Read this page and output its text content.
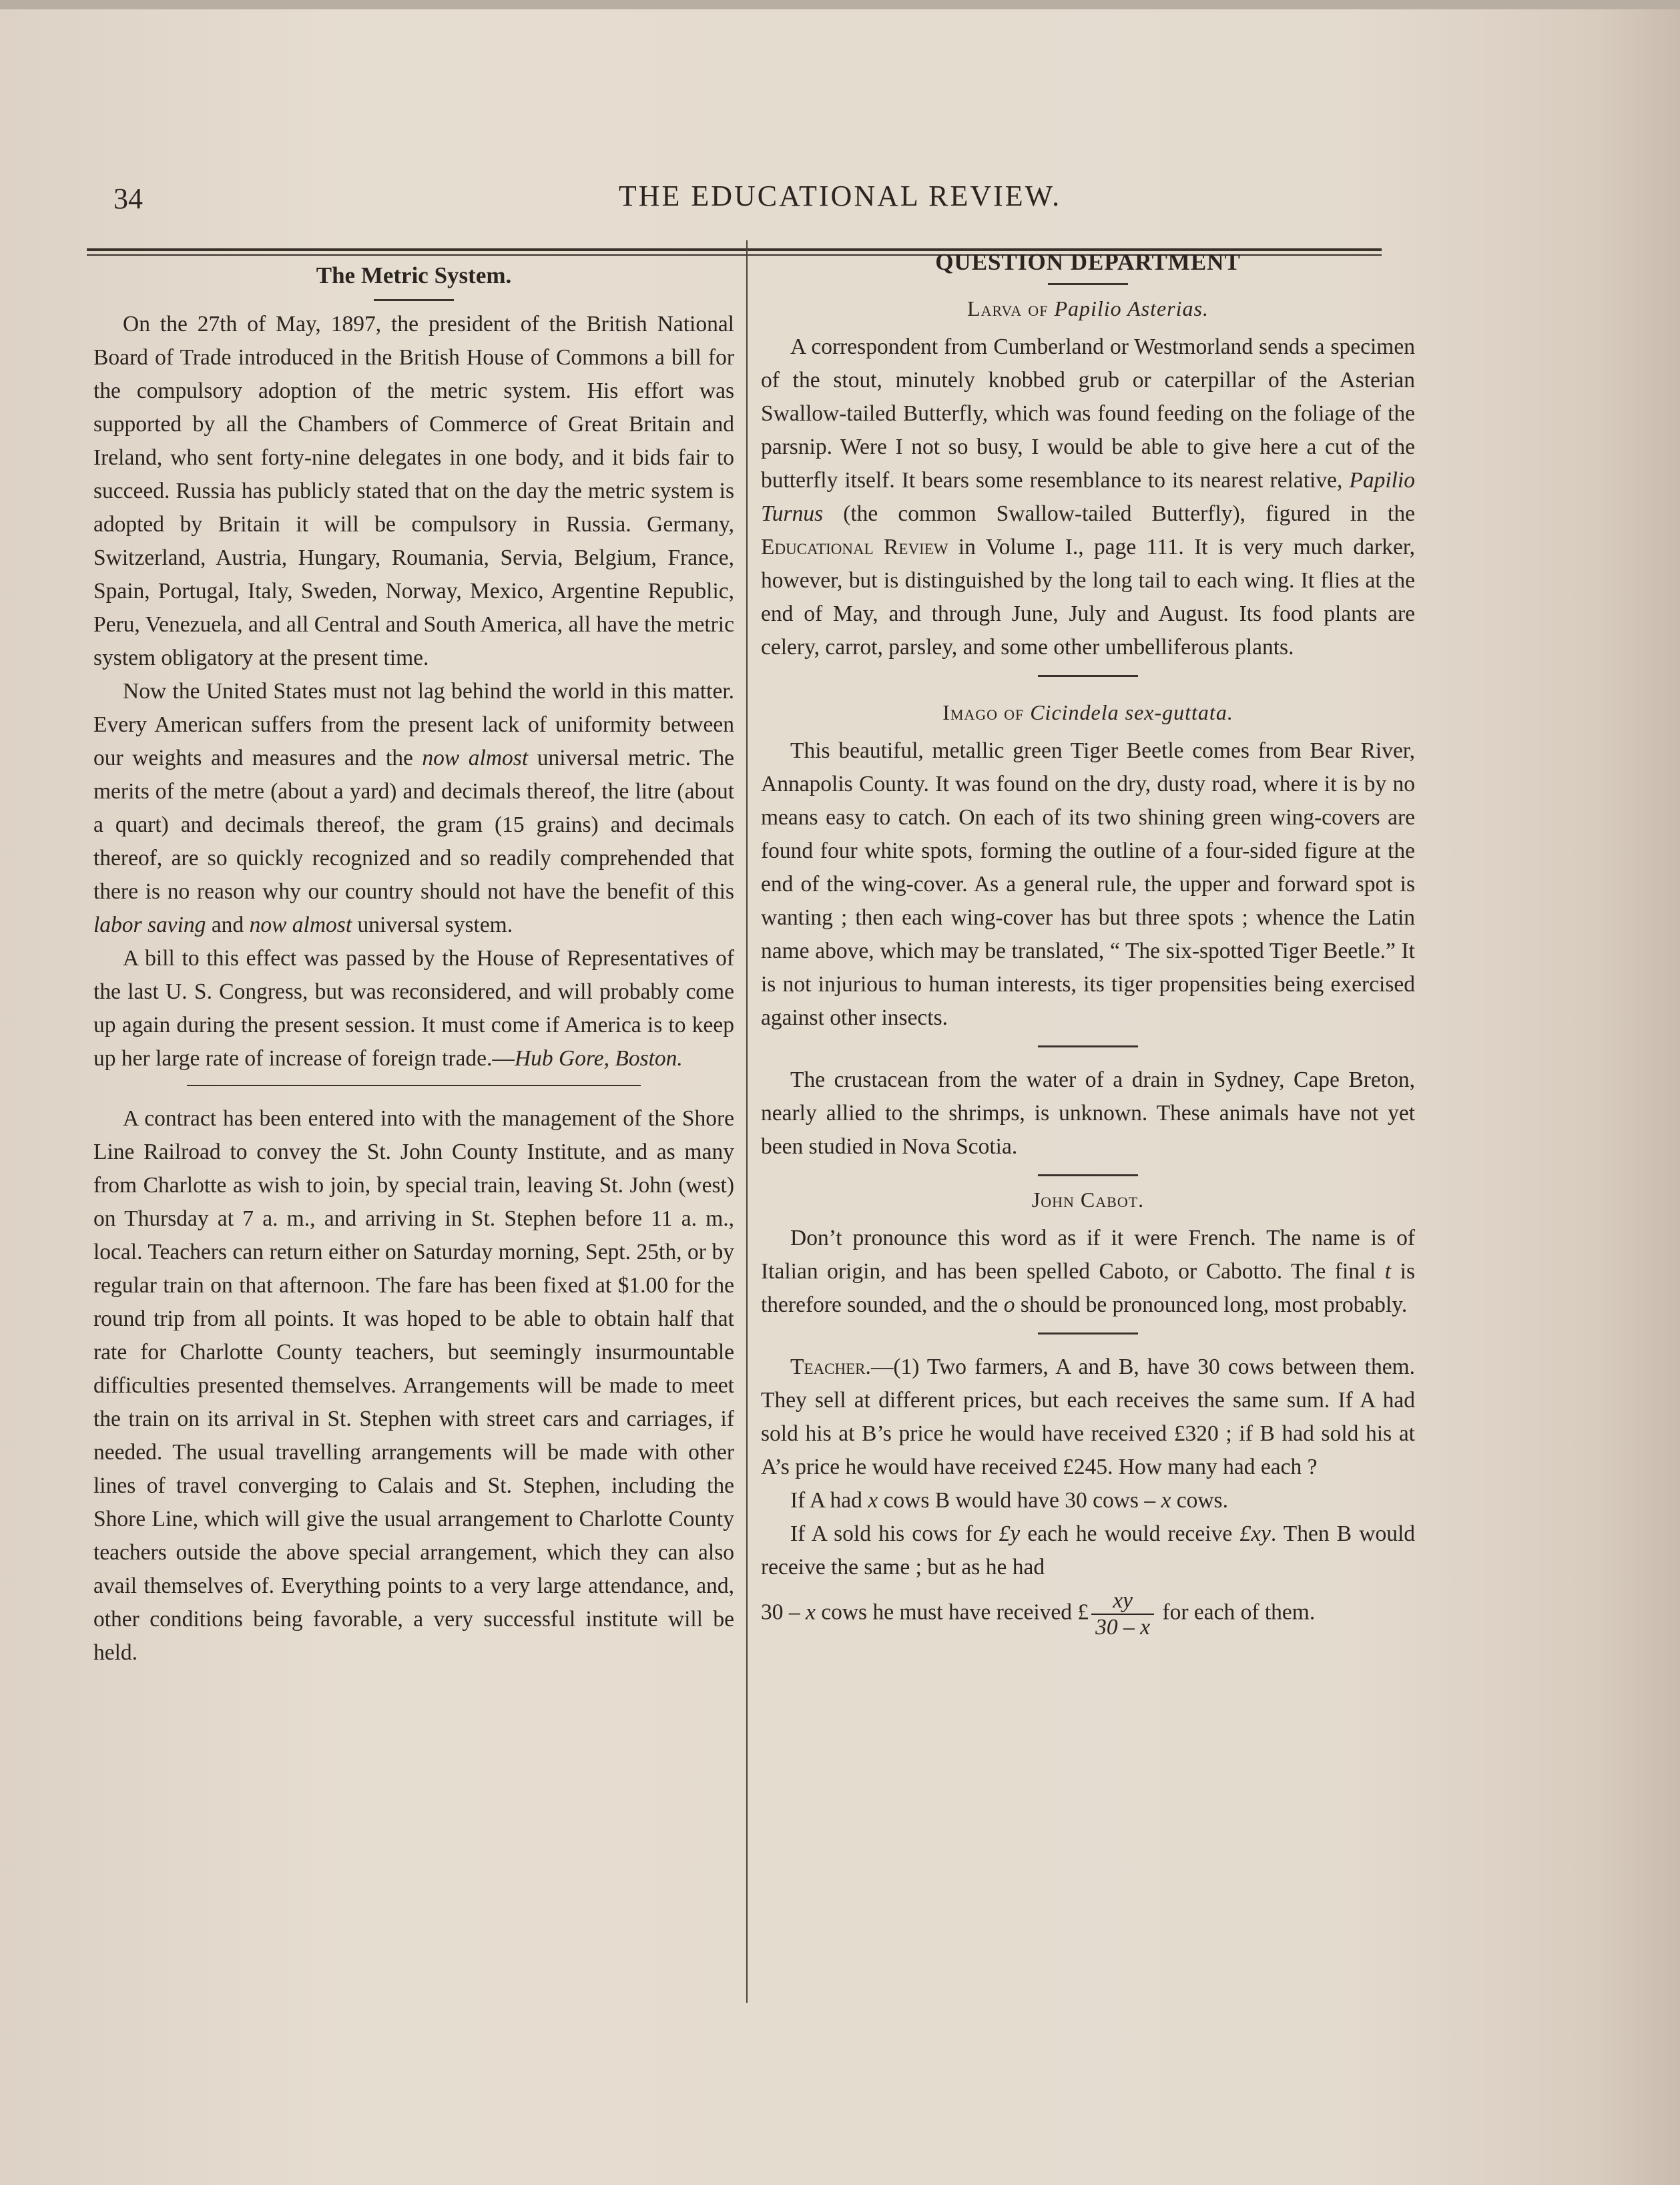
34	THE EDUCATIONAL REVIEW.
The Metric System.

On the 27th of May, 1897, the president of the British National Board of Trade introduced in the British House of Commons a bill for the compulsory adoption of the metric system. His effort was supported by all the Chambers of Commerce of Great Britain and Ireland, who sent forty-nine delegates in one body, and it bids fair to succeed. Russia has publicly stated that on the day the metric system is adopted by Britain it will be compulsory in Russia. Germany, Switzerland, Austria, Hungary, Roumania, Servia, Belgium, France, Spain, Portugal, Italy, Sweden, Norway, Mexico, Argentine Republic, Peru, Venezuela, and all Central and South America, all have the metric system obligatory at the present time.

Now the United States must not lag behind the world in this matter. Every American suffers from the present lack of uniformity between our weights and measures and the now almost universal metric. The merits of the metre (about a yard) and decimals thereof, the litre (about a quart) and decimals thereof, the gram (15 grains) and decimals thereof, are so quickly recognized and so readily comprehended that there is no reason why our country should not have the benefit of this labor saving and now almost universal system.

A bill to this effect was passed by the House of Representatives of the last U. S. Congress, but was reconsidered, and will probably come up again during the present session. It must come if America is to keep up her large rate of increase of foreign trade.—Hub Gore, Boston.

A contract has been entered into with the management of the Shore Line Railroad to convey the St. John County Institute, and as many from Charlotte as wish to join, by special train, leaving St. John (west) on Thursday at 7 a. m., and arriving in St. Stephen before 11 a. m., local. Teachers can return either on Saturday morning, Sept. 25th, or by regular train on that afternoon. The fare has been fixed at $1.00 for the round trip from all points. It was hoped to be able to obtain half that rate for Charlotte County teachers, but seemingly insurmountable difficulties presented themselves. Arrangements will be made to meet the train on its arrival in St. Stephen with street cars and carriages, if needed. The usual travelling arrangements will be made with other lines of travel converging to Calais and St. Stephen, including the Shore Line, which will give the usual arrangement to Charlotte County teachers outside the above special arrangement, which they can also avail themselves of. Everything points to a very large attendance, and, other conditions being favorable, a very successful institute will be held.

QUESTION DEPARTMENT
Larva of Papilio Asterias.

A correspondent from Cumberland or Westmorland sends a specimen of the stout, minutely knobbed grub or caterpillar of the Asterian Swallow-tailed Butterfly, which was found feeding on the foliage of the parsnip. Were I not so busy, I would be able to give here a cut of the butterfly itself. It bears some resemblance to its nearest relative, Papilio Turnus (the common Swallow-tailed Butterfly), figured in the Educational Review in Volume I., page 111. It is very much darker, however, but is distinguished by the long tail to each wing. It flies at the end of May, and through June, July and August. Its food plants are celery, carrot, parsley, and some other umbelliferous plants.

Imago of Cicindela sex-guttata.

This beautiful, metallic green Tiger Beetle comes from Bear River, Annapolis County. It was found on the dry, dusty road, where it is by no means easy to catch. On each of its two shining green wing-covers are found four white spots, forming the outline of a four-sided figure at the end of the wing-cover. As a general rule, the upper and forward spot is wanting ; then each wing-cover has but three spots ; whence the Latin name above, which may be translated, “ The six-spotted Tiger Beetle.” It is not injurious to human interests, its tiger propensities being exercised against other insects.

The crustacean from the water of a drain in Sydney, Cape Breton, nearly allied to the shrimps, is unknown. These animals have not yet been studied in Nova Scotia.

John Cabot.

Don’t pronounce this word as if it were French. The name is of Italian origin, and has been spelled Caboto, or Cabotto. The final t is therefore sounded, and the o should be pronounced long, most probably.

Teacher.—(1) Two farmers, A and B, have 30 cows between them. They sell at different prices, but each receives the same sum. If A had sold his at B’s price he would have received £320 ; if B had sold his at A’s price he would have received £245. How many had each ?

If A had x cows B would have 30 cows – x cows.

If A sold his cows for £y each he would receive £xy. Then B would receive the same ; but as he had

30 – x cows he must have received £ $\frac{xy}{30 - x}$ for each of them.
